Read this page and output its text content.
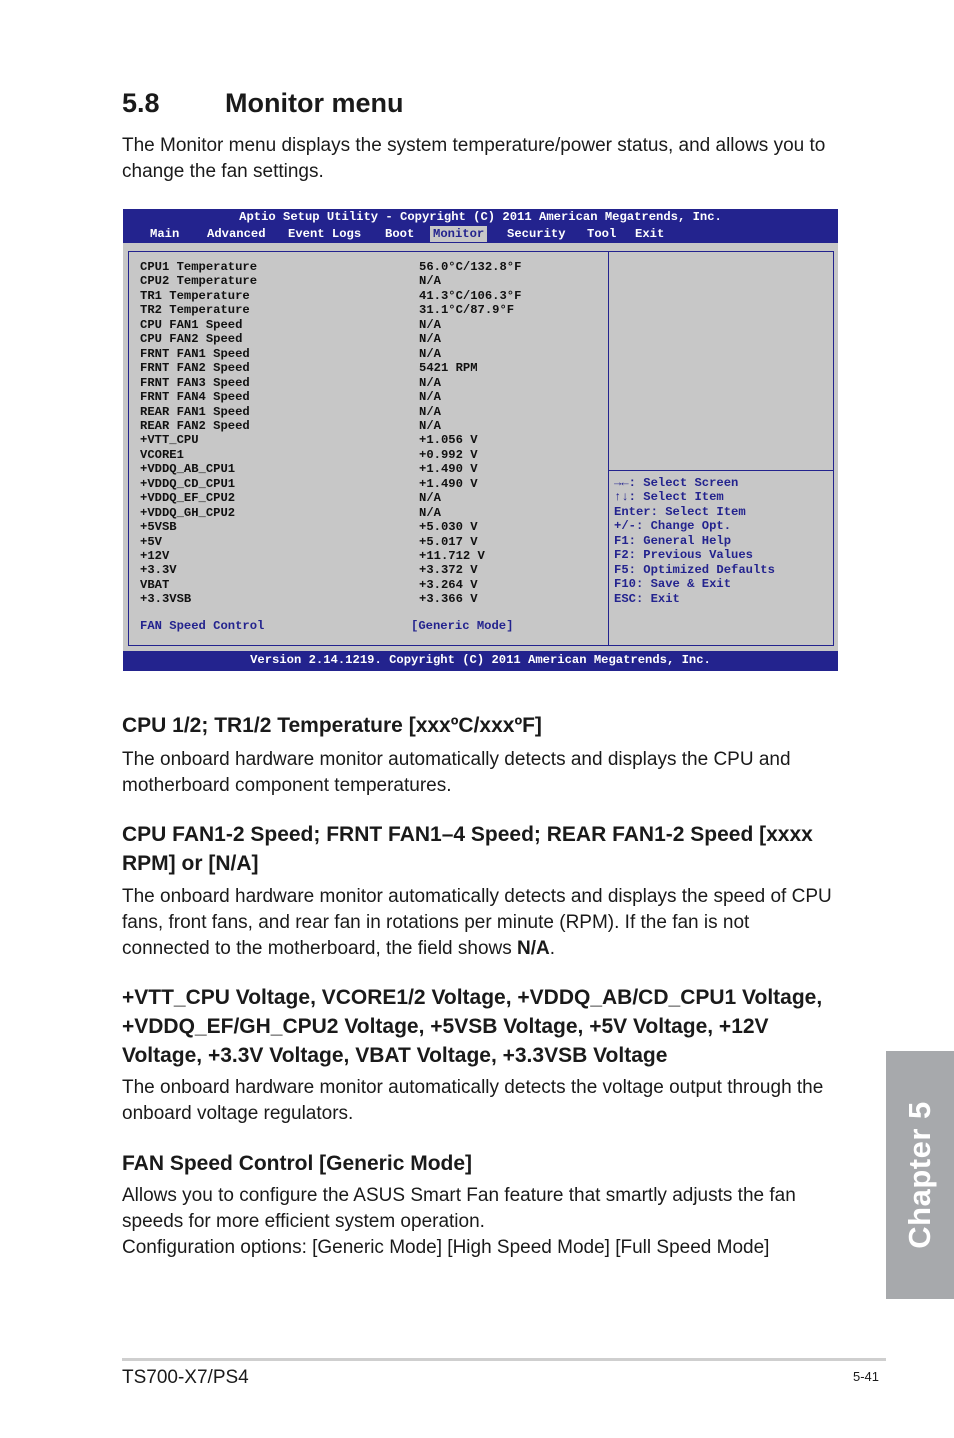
5.8 Monitor menu

The Monitor menu displays the system temperature/power status, and allows you to change the fan settings.

Aptio Setup Utility - Copyright (C) 2011 American Megatrends, Inc.
Main Advanced Event Logs Boot Monitor Security Tool Exit
CPU1 Temperature	56.0°C/132.8°F
CPU2 Temperature	N/A
TR1 Temperature	41.3°C/106.3°F
TR2 Temperature	31.1°C/87.9°F
CPU FAN1 Speed	N/A
CPU FAN2 Speed	N/A
FRNT FAN1 Speed	N/A
FRNT FAN2 Speed	5421 RPM
FRNT FAN3 Speed	N/A
FRNT FAN4 Speed	N/A
REAR FAN1 Speed	N/A
REAR FAN2 Speed	N/A
+VTT_CPU	+1.056 V
VCORE1	+0.992 V
+VDDQ_AB_CPU1	+1.490 V
+VDDQ_CD_CPU1	+1.490 V
+VDDQ_EF_CPU2	N/A
+VDDQ_GH_CPU2	N/A
+5VSB	+5.030 V
+5V	+5.017 V
+12V	+11.712 V
+3.3V	+3.372 V
VBAT	+3.264 V
+3.3VSB	+3.366 V
FAN Speed Control	[Generic Mode]
→←: Select Screen
↑↓: Select Item
Enter: Select Item
+/-: Change Opt.
F1: General Help
F2: Previous Values
F5: Optimized Defaults
F10: Save & Exit
ESC: Exit
Version 2.14.1219. Copyright (C) 2011 American Megatrends, Inc.
CPU 1/2; TR1/2 Temperature [xxxºC/xxxºF]

The onboard hardware monitor automatically detects and displays the CPU and motherboard component temperatures.

CPU FAN1-2 Speed; FRNT FAN1–4 Speed; REAR FAN1-2 Speed [xxxx RPM] or [N/A]

The onboard hardware monitor automatically detects and displays the speed of CPU fans, front fans, and rear fan in rotations per minute (RPM). If the fan is not connected to the motherboard, the field shows N/A.

+VTT_CPU Voltage, VCORE1/2 Voltage, +VDDQ_AB/CD_CPU1 Voltage, +VDDQ_EF/GH_CPU2 Voltage, +5VSB Voltage, +5V Voltage, +12V Voltage, +3.3V Voltage, VBAT Voltage, +3.3VSB Voltage

The onboard hardware monitor automatically detects the voltage output through the onboard voltage regulators.

FAN Speed Control [Generic Mode]

Allows you to configure the ASUS Smart Fan feature that smartly adjusts the fan speeds for more efficient system operation.

Configuration options: [Generic Mode] [High Speed Mode] [Full Speed Mode]	Chapter 5
TS700-X7/PS4	5-41
